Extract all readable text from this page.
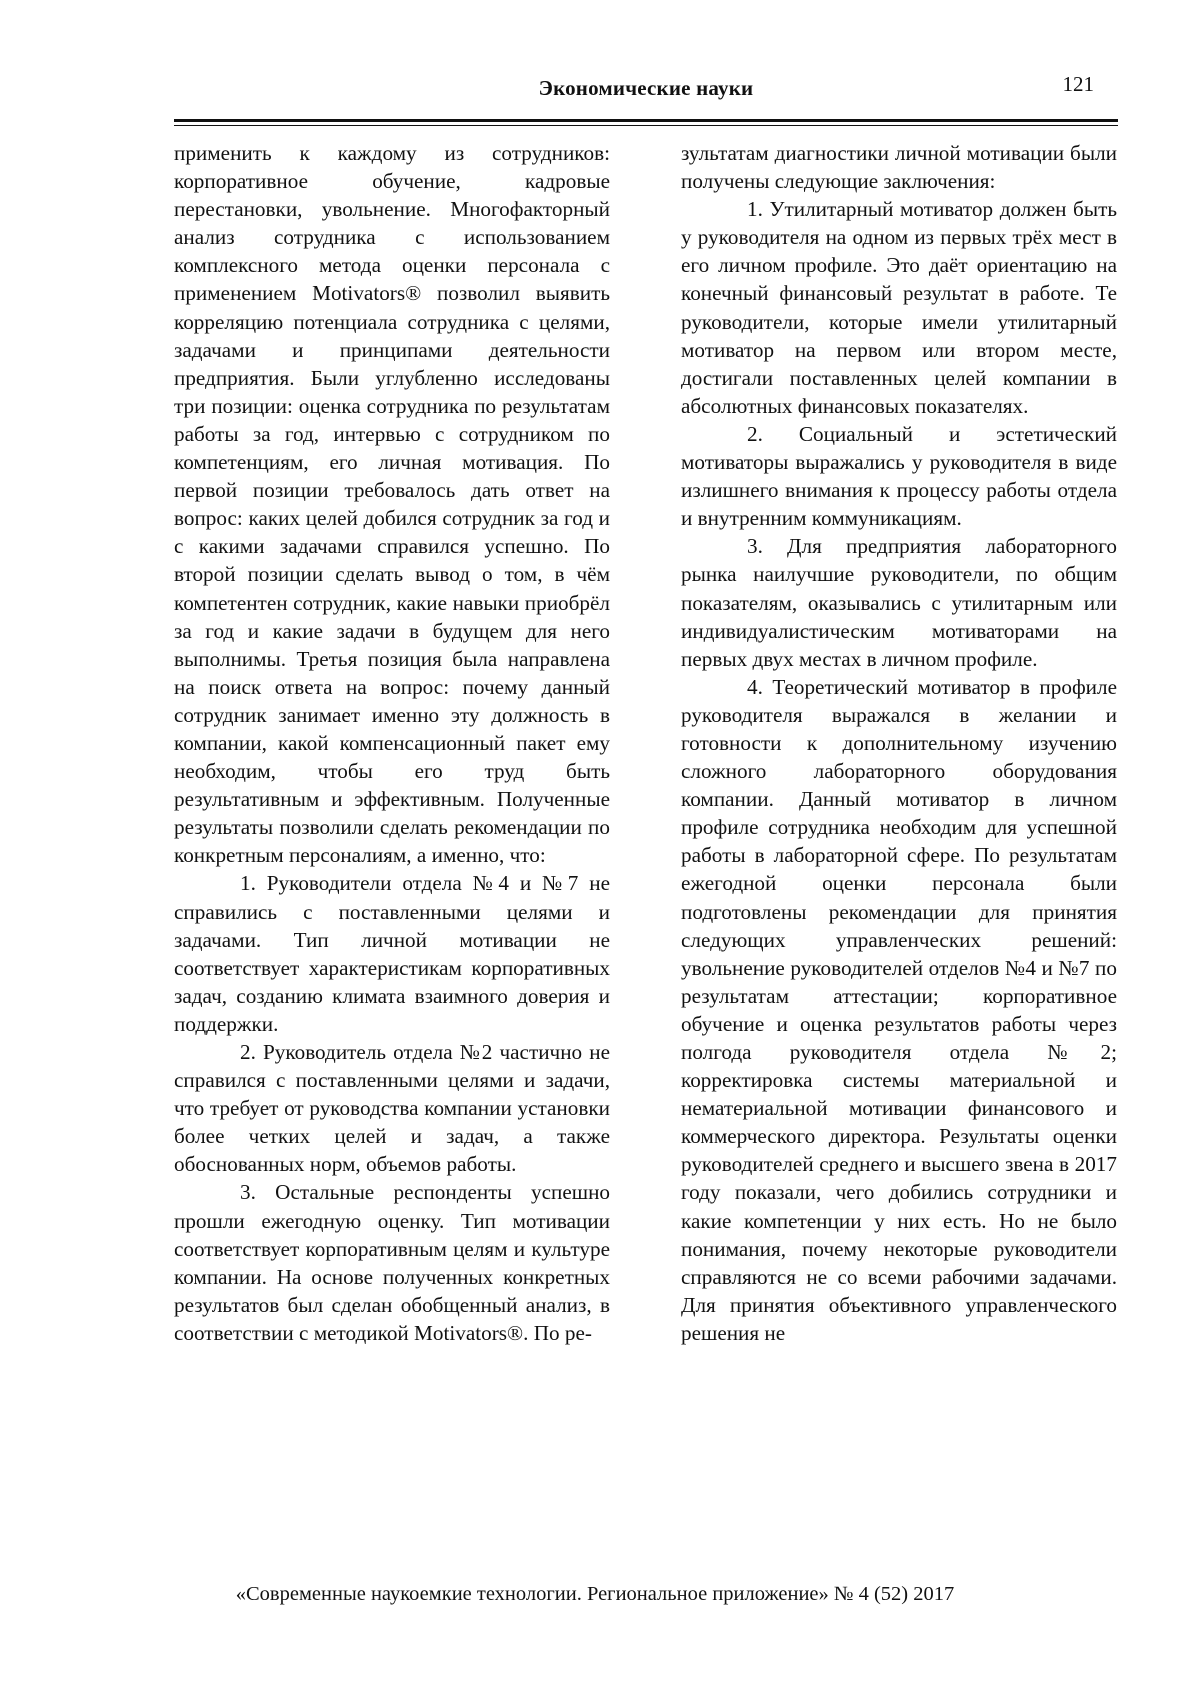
Экономические науки	121

применить к каждому из сотрудников: корпоративное обучение, кадровые перестановки, увольнение. Многофакторный анализ сотрудника с использованием комплексного метода оценки персонала с применением Motivators® позволил выявить корреляцию потенциала сотрудника с целями, задачами и принципами деятельности предприятия. Были углубленно исследованы три позиции: оценка сотрудника по результатам работы за год, интервью с сотрудником по компетенциям, его личная мотивация. По первой позиции требовалось дать ответ на вопрос: каких целей добился сотрудник за год и с какими задачами справился успешно. По второй позиции сделать вывод о том, в чём компетентен сотрудник, какие навыки приобрёл за год и какие задачи в будущем для него выполнимы. Третья позиция была направлена на поиск ответа на вопрос: почему данный сотрудник занимает именно эту должность в компании, какой компенсационный пакет ему необходим, чтобы его труд быть результативным и эффективным. Полученные результаты позволили сделать рекомендации по конкретным персоналиям, а именно, что:

1. Руководители отдела №4 и №7 не справились с поставленными целями и задачами. Тип личной мотивации не соответствует характеристикам корпоративных задач, созданию климата взаимного доверия и поддержки.

2. Руководитель отдела №2 частично не справился с поставленными целями и задачи, что требует от руководства компании установки более четких целей и задач, а также обоснованных норм, объемов работы.

3. Остальные респонденты успешно прошли ежегодную оценку. Тип мотивации соответствует корпоративным целям и культуре компании. На основе полученных конкретных результатов был сделан обобщенный анализ, в соответствии с методикой Motivators®. По ре-

зультатам диагностики личной мотивации были получены следующие заключения:

1. Утилитарный мотиватор должен быть у руководителя на одном из первых трёх мест в его личном профиле. Это даёт ориентацию на конечный финансовый результат в работе. Те руководители, которые имели утилитарный мотиватор на первом или втором месте, достигали поставленных целей компании в абсолютных финансовых показателях.

2. Социальный и эстетический мотиваторы выражались у руководителя в виде излишнего внимания к процессу работы отдела и внутренним коммуникациям.

3. Для предприятия лабораторного рынка наилучшие руководители, по общим показателям, оказывались с утилитарным или индивидуалистическим мотиваторами на первых двух местах в личном профиле.

4. Теоретический мотиватор в профиле руководителя выражался в желании и готовности к дополнительному изучению сложного лабораторного оборудования компании. Данный мотиватор в личном профиле сотрудника необходим для успешной работы в лабораторной сфере. По результатам ежегодной оценки персонала были подготовлены рекомендации для принятия следующих управленческих решений: увольнение руководителей отделов №4 и №7 по результатам аттестации; корпоративное обучение и оценка результатов работы через полгода руководителя отдела №2; корректировка системы материальной и нематериальной мотивации финансового и коммерческого директора. Результаты оценки руководителей среднего и высшего звена в 2017 году показали, чего добились сотрудники и какие компетенции у них есть. Но не было понимания, почему некоторые руководители справляются не со всеми рабочими задачами. Для принятия объективного управленческого решения не

«Современные наукоемкие технологии. Региональное приложение» № 4 (52) 2017
